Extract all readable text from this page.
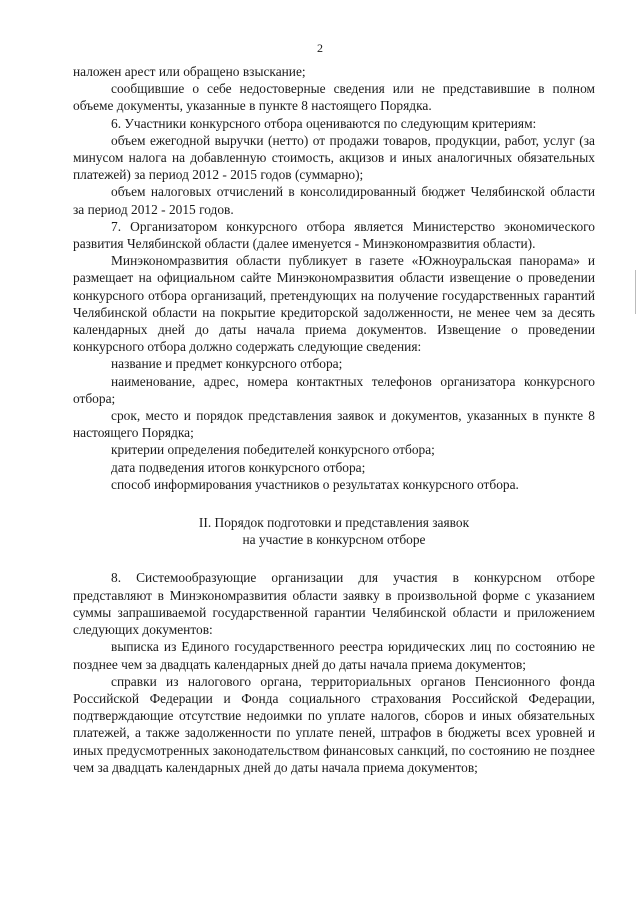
2

наложен арест или обращено взыскание;

сообщившие о себе недостоверные сведения или не представившие в полном объеме документы, указанные в пункте 8 настоящего Порядка.

6. Участники конкурсного отбора оцениваются по следующим критериям:

объем ежегодной выручки (нетто) от продажи товаров, продукции, работ, услуг (за минусом налога на добавленную стоимость, акцизов и иных аналогичных обязательных платежей) за период 2012 - 2015 годов (суммарно);

объем налоговых отчислений в консолидированный бюджет Челябинской области за период 2012 - 2015 годов.

7. Организатором конкурсного отбора является Министерство экономического развития Челябинской области (далее именуется - Минэкономразвития области).

Минэкономразвития области публикует в газете «Южноуральская панорама» и размещает на официальном сайте Минэкономразвития области извещение о проведении конкурсного отбора организаций, претендующих на получение государственных гарантий Челябинской области на покрытие кредиторской задолженности, не менее чем за десять календарных дней до даты начала приема документов. Извещение о проведении конкурсного отбора должно содержать следующие сведения:

название и предмет конкурсного отбора;

наименование, адрес, номера контактных телефонов организатора конкурсного отбора;

срок, место и порядок представления заявок и документов, указанных в пункте 8 настоящего Порядка;

критерии определения победителей конкурсного отбора;

дата подведения итогов конкурсного отбора;

способ информирования участников о результатах конкурсного отбора.

II. Порядок подготовки и представления заявок
на участие в конкурсном отборе

8. Системообразующие организации для участия в конкурсном отборе представляют в Минэкономразвития области заявку в произвольной форме с указанием суммы запрашиваемой государственной гарантии Челябинской области и приложением следующих документов:

выписка из Единого государственного реестра юридических лиц по состоянию не позднее чем за двадцать календарных дней до даты начала приема документов;

справки из налогового органа, территориальных органов Пенсионного фонда Российской Федерации и Фонда социального страхования Российской Федерации, подтверждающие отсутствие недоимки по уплате налогов, сборов и иных обязательных платежей, а также задолженности по уплате пеней, штрафов в бюджеты всех уровней и иных предусмотренных законодательством финансовых санкций, по состоянию не позднее чем за двадцать календарных дней до даты начала приема документов;
